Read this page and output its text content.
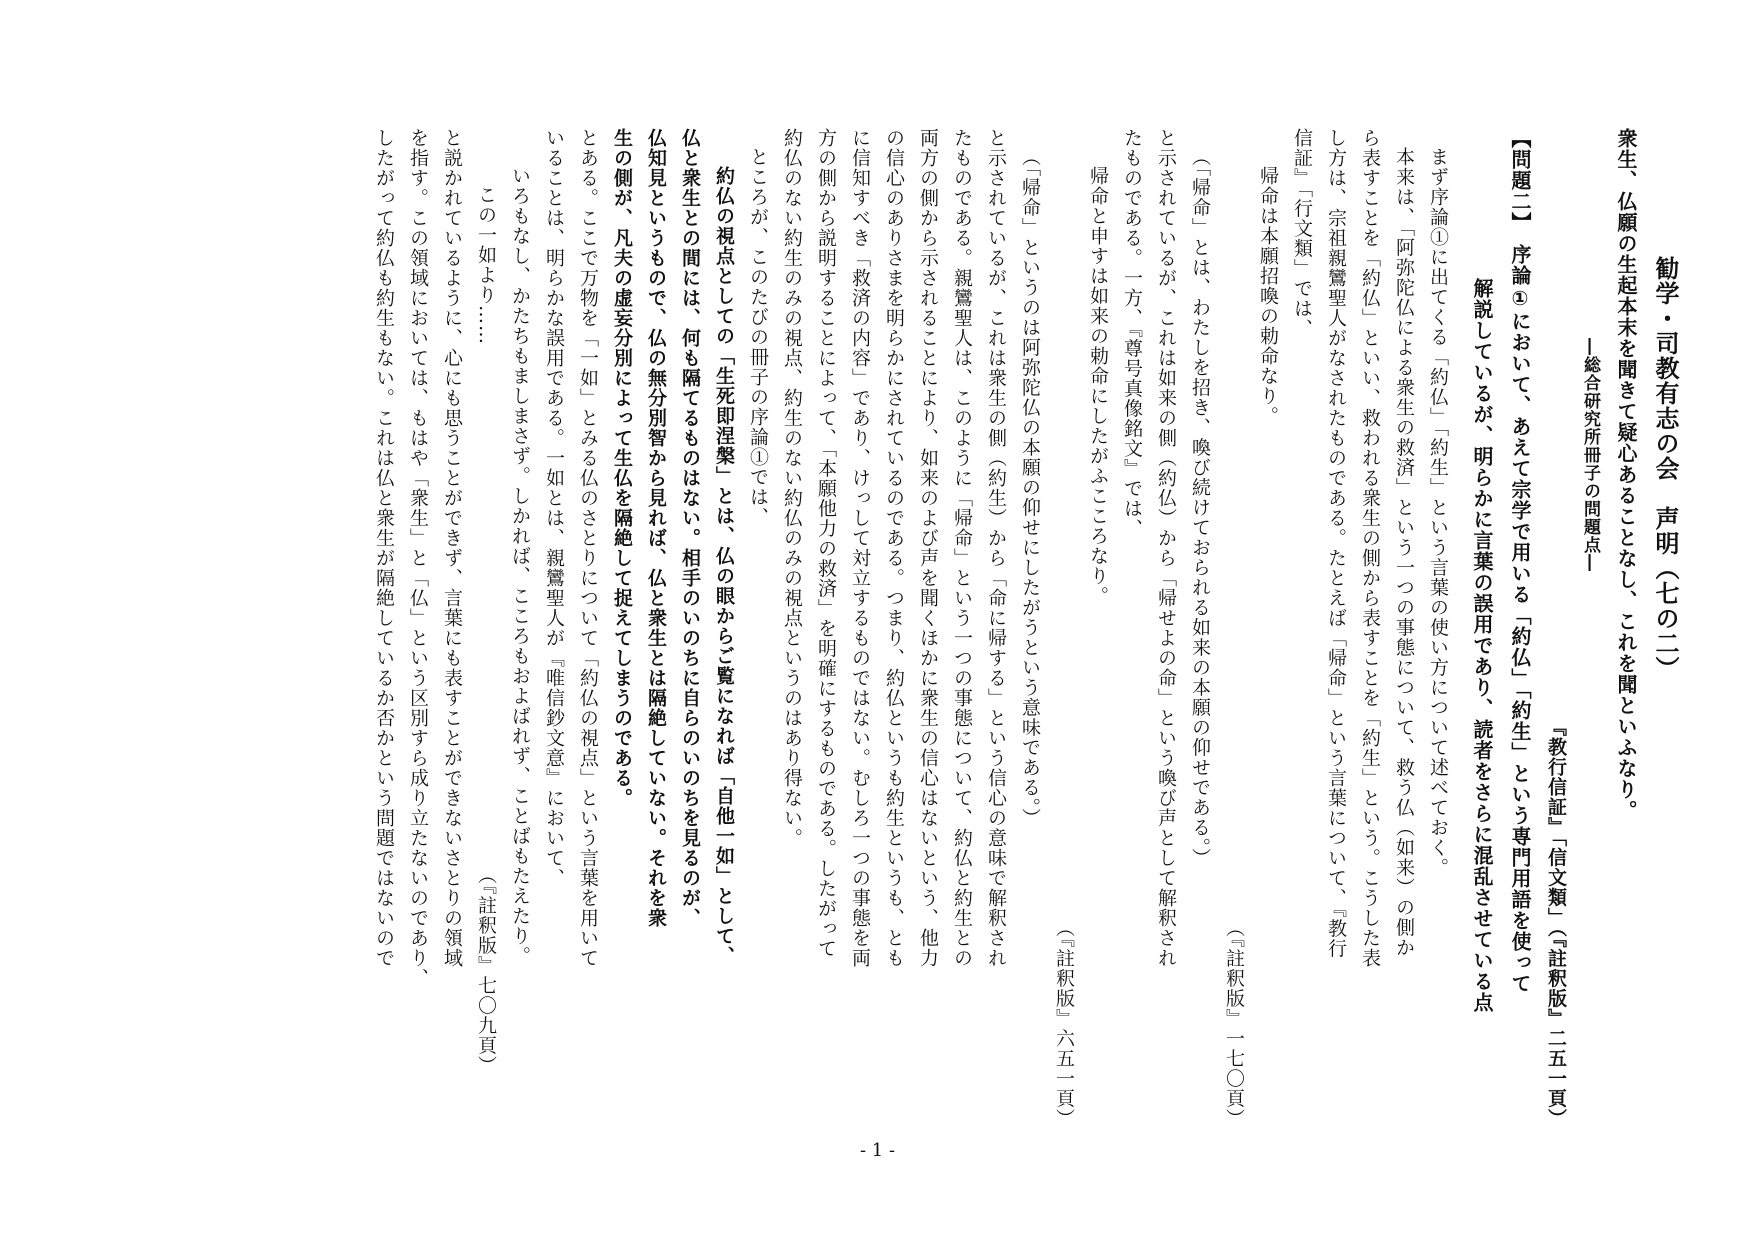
勧学・司教有志の会　声明（七の二）
衆生、仏願の生起本末を聞きて疑心あることなし、これを聞といふなり。
―総合研究所冊子の問題点―
『教行信証』「信文類」（『註釈版』二五一頁）
【問題二】　序論①において、あえて宗学で用いる「約仏」「約生」という専門用語を使って
解説しているが、明らかに言葉の誤用であり、読者をさらに混乱させている点
まず序論①に出てくる「約仏」「約生」という言葉の使い方について述べておく。
本来は、「阿弥陀仏による衆生の救済」という一つの事態について、救う仏（如来）の側か
ら表すことを「約仏」といい、救われる衆生の側から表すことを「約生」という。こうした表
し方は、宗祖親鸞聖人がなされたものである。たとえば「帰命」という言葉について、『教行
信証』「行文類」では、
帰命は本願招喚の勅命なり。
（『註釈版』一七〇頁）
（「帰命」とは、わたしを招き、喚び続けておられる如来の本願の仰せである。）
と示されているが、これは如来の側（約仏）から「帰せよの命」という喚び声として解釈され
たものである。一方、『尊号真像銘文』では、
帰命と申すは如来の勅命にしたがふこころなり。
（『註釈版』六五一頁）
（「帰命」というのは阿弥陀仏の本願の仰せにしたがうという意味である。）
と示されているが、これは衆生の側（約生）から「命に帰する」という信心の意味で解釈され
たものである。親鸞聖人は、このように「帰命」という一つの事態について、約仏と約生との
両方の側から示されることにより、如来のよび声を聞くほかに衆生の信心はないという、他力
の信心のありさまを明らかにされているのである。つまり、約仏というも約生というも、とも
に信知すべき「救済の内容」であり、けっして対立するものではない。むしろ一つの事態を両
方の側から説明することによって、「本願他力の救済」を明確にするものである。したがって
約仏のない約生のみの視点、約生のない約仏のみの視点というのはあり得ない。
ところが、このたびの冊子の序論①では、
約仏の視点としての「生死即涅槃」とは、仏の眼からご覧になれば「自他一如」として、
仏と衆生との間には、何も隔てるものはない。相手のいのちに自らのいのちを見るのが、
仏知見というもので、仏の無分別智から見れば、仏と衆生とは隔絶していない。それを衆
生の側が、凡夫の虚妄分別によって生仏を隔絶して捉えてしまうのである。
とある。ここで万物を「一如」とみる仏のさとりについて「約仏の視点」という言葉を用いて
いることは、明らかな誤用である。一如とは、親鸞聖人が『唯信鈔文意』において、
いろもなし、かたちもましまさず。しかれば、こころもおよばれず、ことばもたえたり。
この一如より……（『註釈版』七〇九頁）
と説かれているように、心にも思うことができず、言葉にも表すことができないさとりの領域
を指す。この領域においては、もはや「衆生」と「仏」という区別すら成り立たないのであり、
したがって約仏も約生もない。これは仏と衆生が隔絶しているか否かという問題ではないので
- 1 -
